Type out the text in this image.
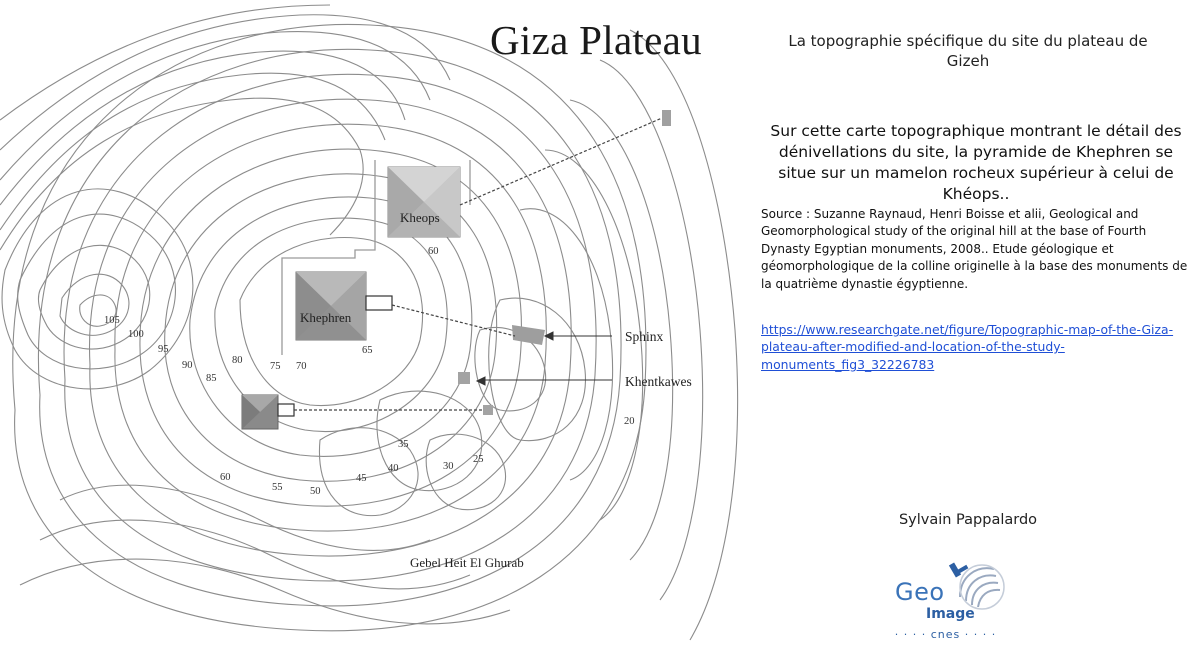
Kheops
Khephren
Sphinx
Khentkawes
Gebel Heit El Ghurab
60
65
70
75
80
85
90
95
100
105
60
55	50
45
40
35
30
25
20
Giza Plateau	La topographie spécifique du site du plateau de Gizeh
Sur cette carte topographique montrant le détail des dénivellations du site, la pyramide de Khephren se situe sur un mamelon rocheux supérieur à celui de Khéops..
Source : Suzanne Raynaud, Henri Boisse et alii, Geological and Geomorphological study of the original hill at the base of Fourth Dynasty Egyptian monuments, 2008.. Etude géologique et géomorphologique de la colline originelle à la base des monuments de la quatrième dynastie égyptienne.
https://www.researchgate.net/figure/Topographic-map-of-the-Giza-plateau-after-modified-and-location-of-the-study-monuments_fig3_32226783
Sylvain Pappalardo
Geo
Image
· · · · cnes · · · ·
